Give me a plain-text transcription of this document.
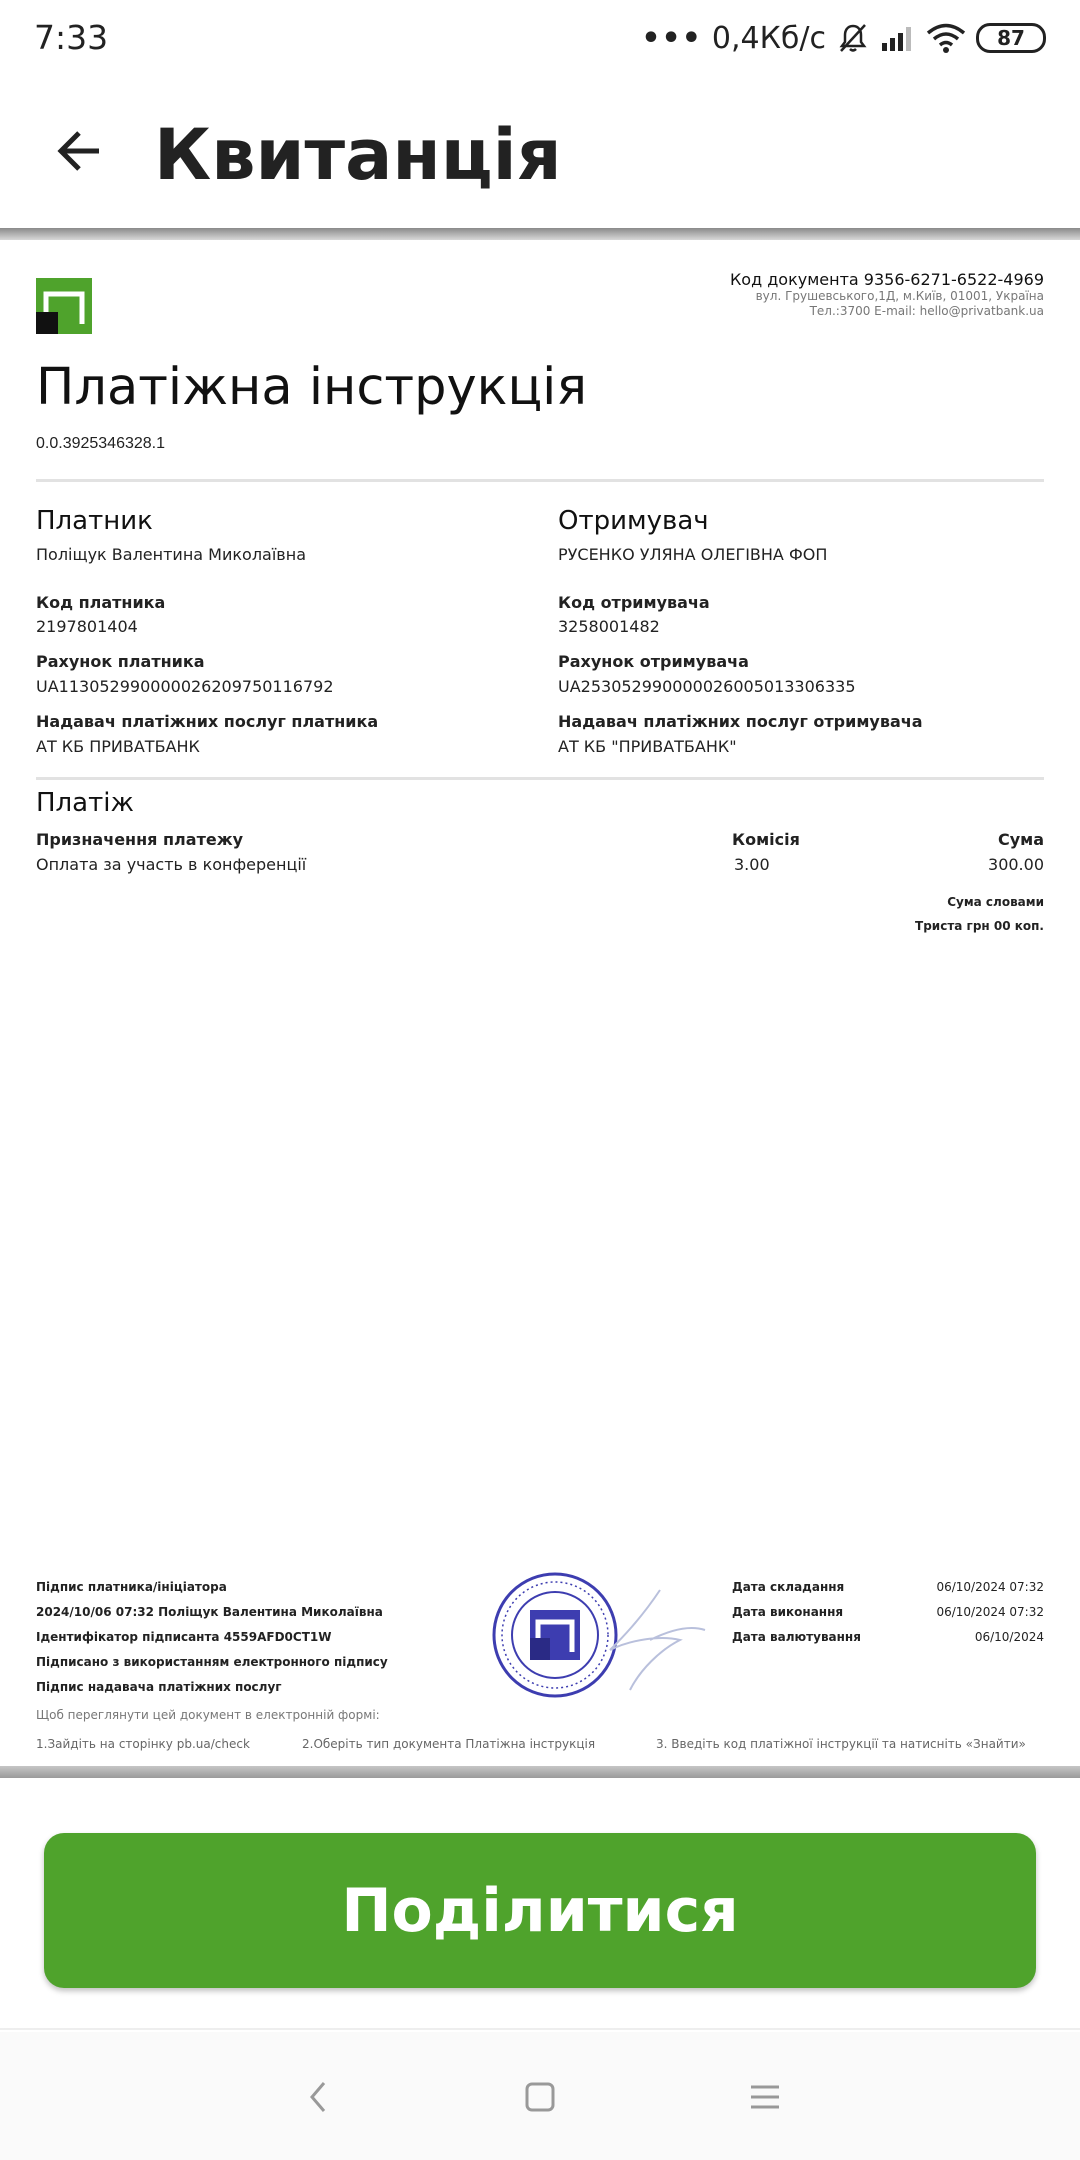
7:33	••• 0,4Кб/с	87
Квитанція
Код документа 9356-6271-6522-4969
вул. Грушевського,1Д, м.Київ, 01001, Україна
Тел.:3700 E-mail: hello@privatbank.ua
Платіжна інструкція
0.0.3925346328.1
Платник
Поліщук Валентина Миколаївна
Код платника
2197801404
Рахунок платника
UA113052990000026209750116792
Надавач платіжних послуг платника
АТ КБ ПРИВАТБАНК
Отримувач
РУСЕНКО УЛЯНА ОЛЕГІВНА ФОП
Код отримувача
3258001482
Рахунок отримувача
UA253052990000026005013306335
Надавач платіжних послуг отримувача
АТ КБ "ПРИВАТБАНК"
Платіж
Призначення платежу
Оплата за участь в конференції
Комісія
3.00
Сума
300.00
Сума словами
Триста грн 00 коп.
Підпис платника/ініціатора
2024/10/06 07:32 Поліщук Валентина Миколаївна
Ідентифікатор підписанта 4559AFD0CT1W
Підписано з використанням електронного підпису
Підпис надавача платіжних послуг
Щоб переглянути цей документ в електронній формі:
1.Зайдіть на сторінку pb.ua/check	2.Оберіть тип документа Платіжна інструкція	3. Введіть код платіжної інструкції та натисніть «Знайти»
Дата складання	06/10/2024 07:32
Дата виконання	06/10/2024 07:32
Дата валютування	06/10/2024
Поділитися
